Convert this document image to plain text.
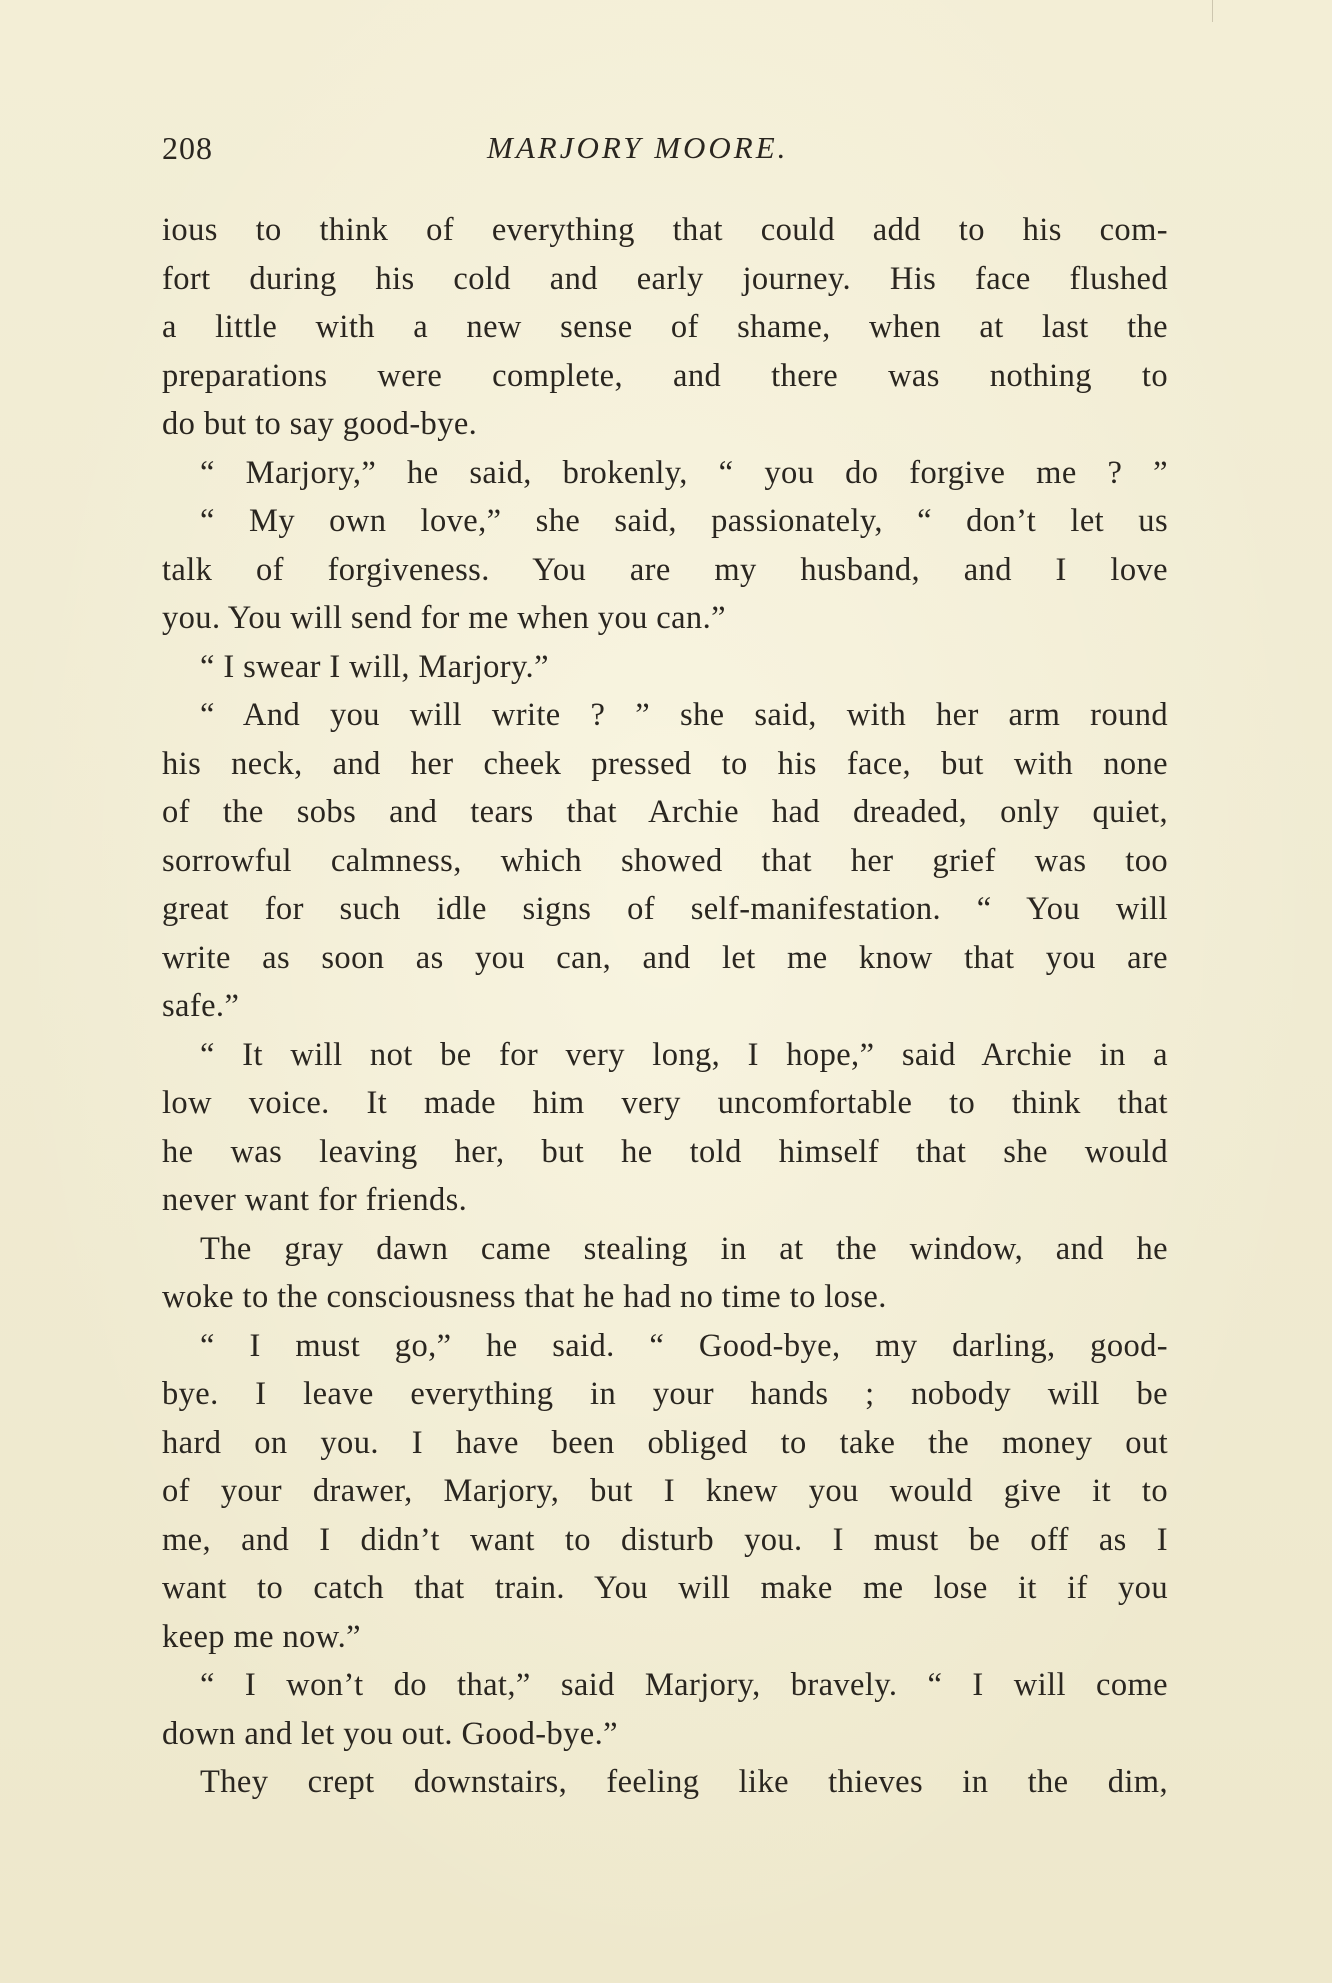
208	MARJORY MOORE.
ious to think of everything that could add to his com-
fort during his cold and early journey. His face flushed
a little with a new sense of shame, when at last the
preparations were complete, and there was nothing to
do but to say good-bye.
“ Marjory,” he said, brokenly, “ you do forgive me ? ”
“ My own love,” she said, passionately, “ don’t let us
talk of forgiveness. You are my husband, and I love
you. You will send for me when you can.”
“ I swear I will, Marjory.”
“ And you will write ? ” she said, with her arm round
his neck, and her cheek pressed to his face, but with none
of the sobs and tears that Archie had dreaded, only quiet,
sorrowful calmness, which showed that her grief was too
great for such idle signs of self-manifestation. “ You will
write as soon as you can, and let me know that you are
safe.”
“ It will not be for very long, I hope,” said Archie in a
low voice. It made him very uncomfortable to think that
he was leaving her, but he told himself that she would
never want for friends.
The gray dawn came stealing in at the window, and he
woke to the consciousness that he had no time to lose.
“ I must go,” he said. “ Good-bye, my darling, good-
bye. I leave everything in your hands ; nobody will be
hard on you. I have been obliged to take the money out
of your drawer, Marjory, but I knew you would give it to
me, and I didn’t want to disturb you. I must be off as I
want to catch that train. You will make me lose it if you
keep me now.”
“ I won’t do that,” said Marjory, bravely. “ I will come
down and let you out. Good-bye.”
They crept downstairs, feeling like thieves in the dim,
